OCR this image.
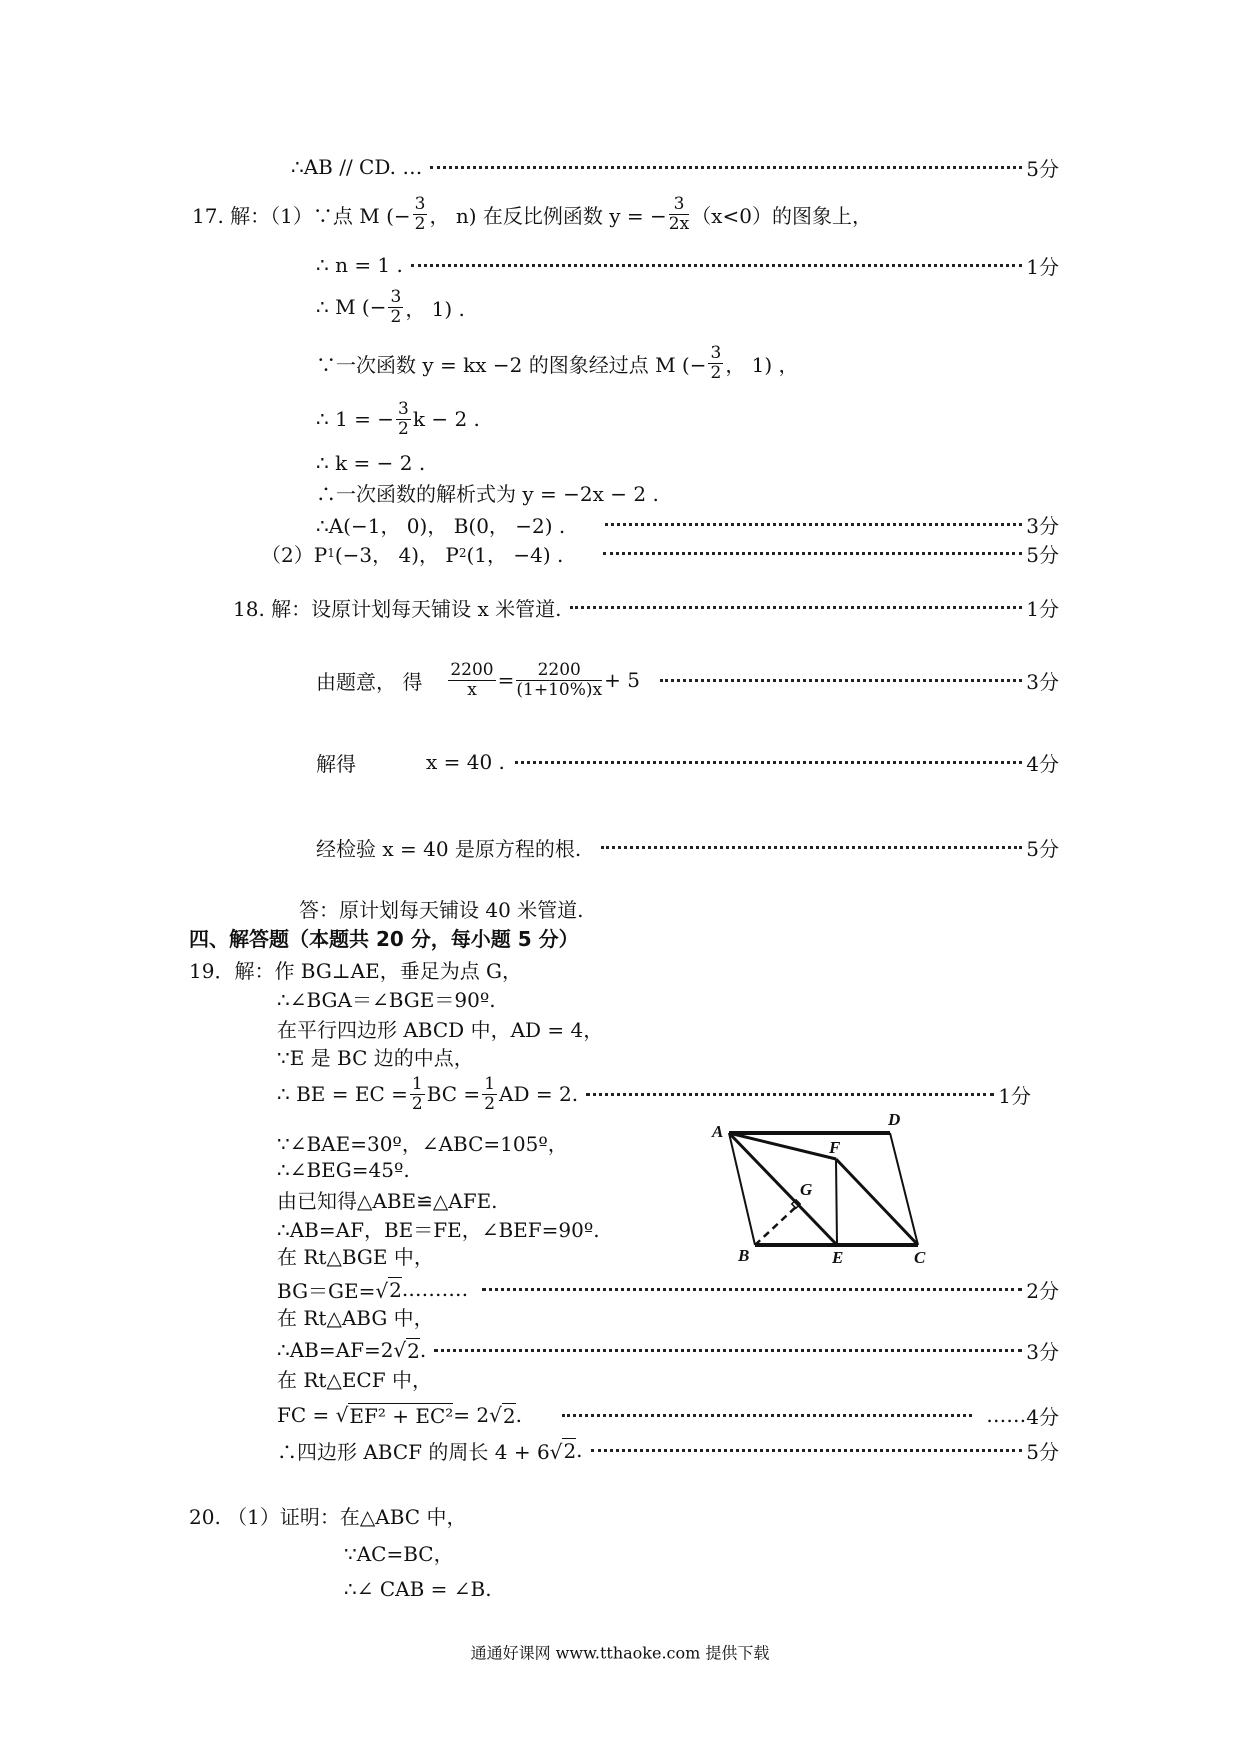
∴AB // CD. …	5分
17. 解：（1）∵点 M (− $\frac{3}{2}$ ， n) 在反比例函数 y = − $\frac{3}{2x} (x<0)$的图象上，
∴ n = 1 .	1分
∴ M (− $\frac{3}{2}$ ， 1) .
∵一次函数 y = kx −2 的图象经过点 M (− $\frac{3}{2}$ ， 1) ，
∴ 1 = − $\frac{3}{2}$ k − 2 .
∴ k = − 2 .
∴一次函数的解析式为 y = −2x − 2 .
∴A(−1， 0)， B(0， −2) .	3分
（2）P 1 (−3， 4)， P 2 (1， −4) .	5分
18. 解：设原计划每天铺设 x 米管道.	1分
由题意， 得 $\frac{2200}{x} = \frac{2200}{(1+10\%)x} + 5$	3分
解得	x = 40 .	4分
经检验 x = 40 是原方程的根.	5分
答：原计划每天铺设 40 米管道.
四、解答题（本题共 20 分，每小题 5 分）
19．解：作 BG⊥AE，垂足为点 G，
∴∠BGA＝∠BGE＝90º.
在平行四边形 ABCD 中，AD = 4，
∵E 是 BC 边的中点，
∴ BE = EC = $\frac{1}{2}$ BC = $\frac{1}{2}$ AD = 2.	1分
∵∠BAE=30º，∠ABC=105º，
∴∠BEG=45º.
由已知得△ABE≌△AFE.
∴AB=AF，BE＝FE，∠BEF=90º.
在 Rt△BGE 中，
BG＝GE=√ 2 .………	2分
在 Rt△ABG 中，
∴AB=AF=2√ 2 .	3分
在 Rt△ECF 中，
FC = √ EF² + EC² = 2√ 2 .	…… 4分
∴四边形 ABCF 的周长 4 + 6√ 2 .	5分
A
D
F
G
B	E	C
20. （1）证明：在△ABC 中，
∵AC=BC，
∴∠ CAB = ∠B.
通通好课网 www.tthaoke.com 提供下载
